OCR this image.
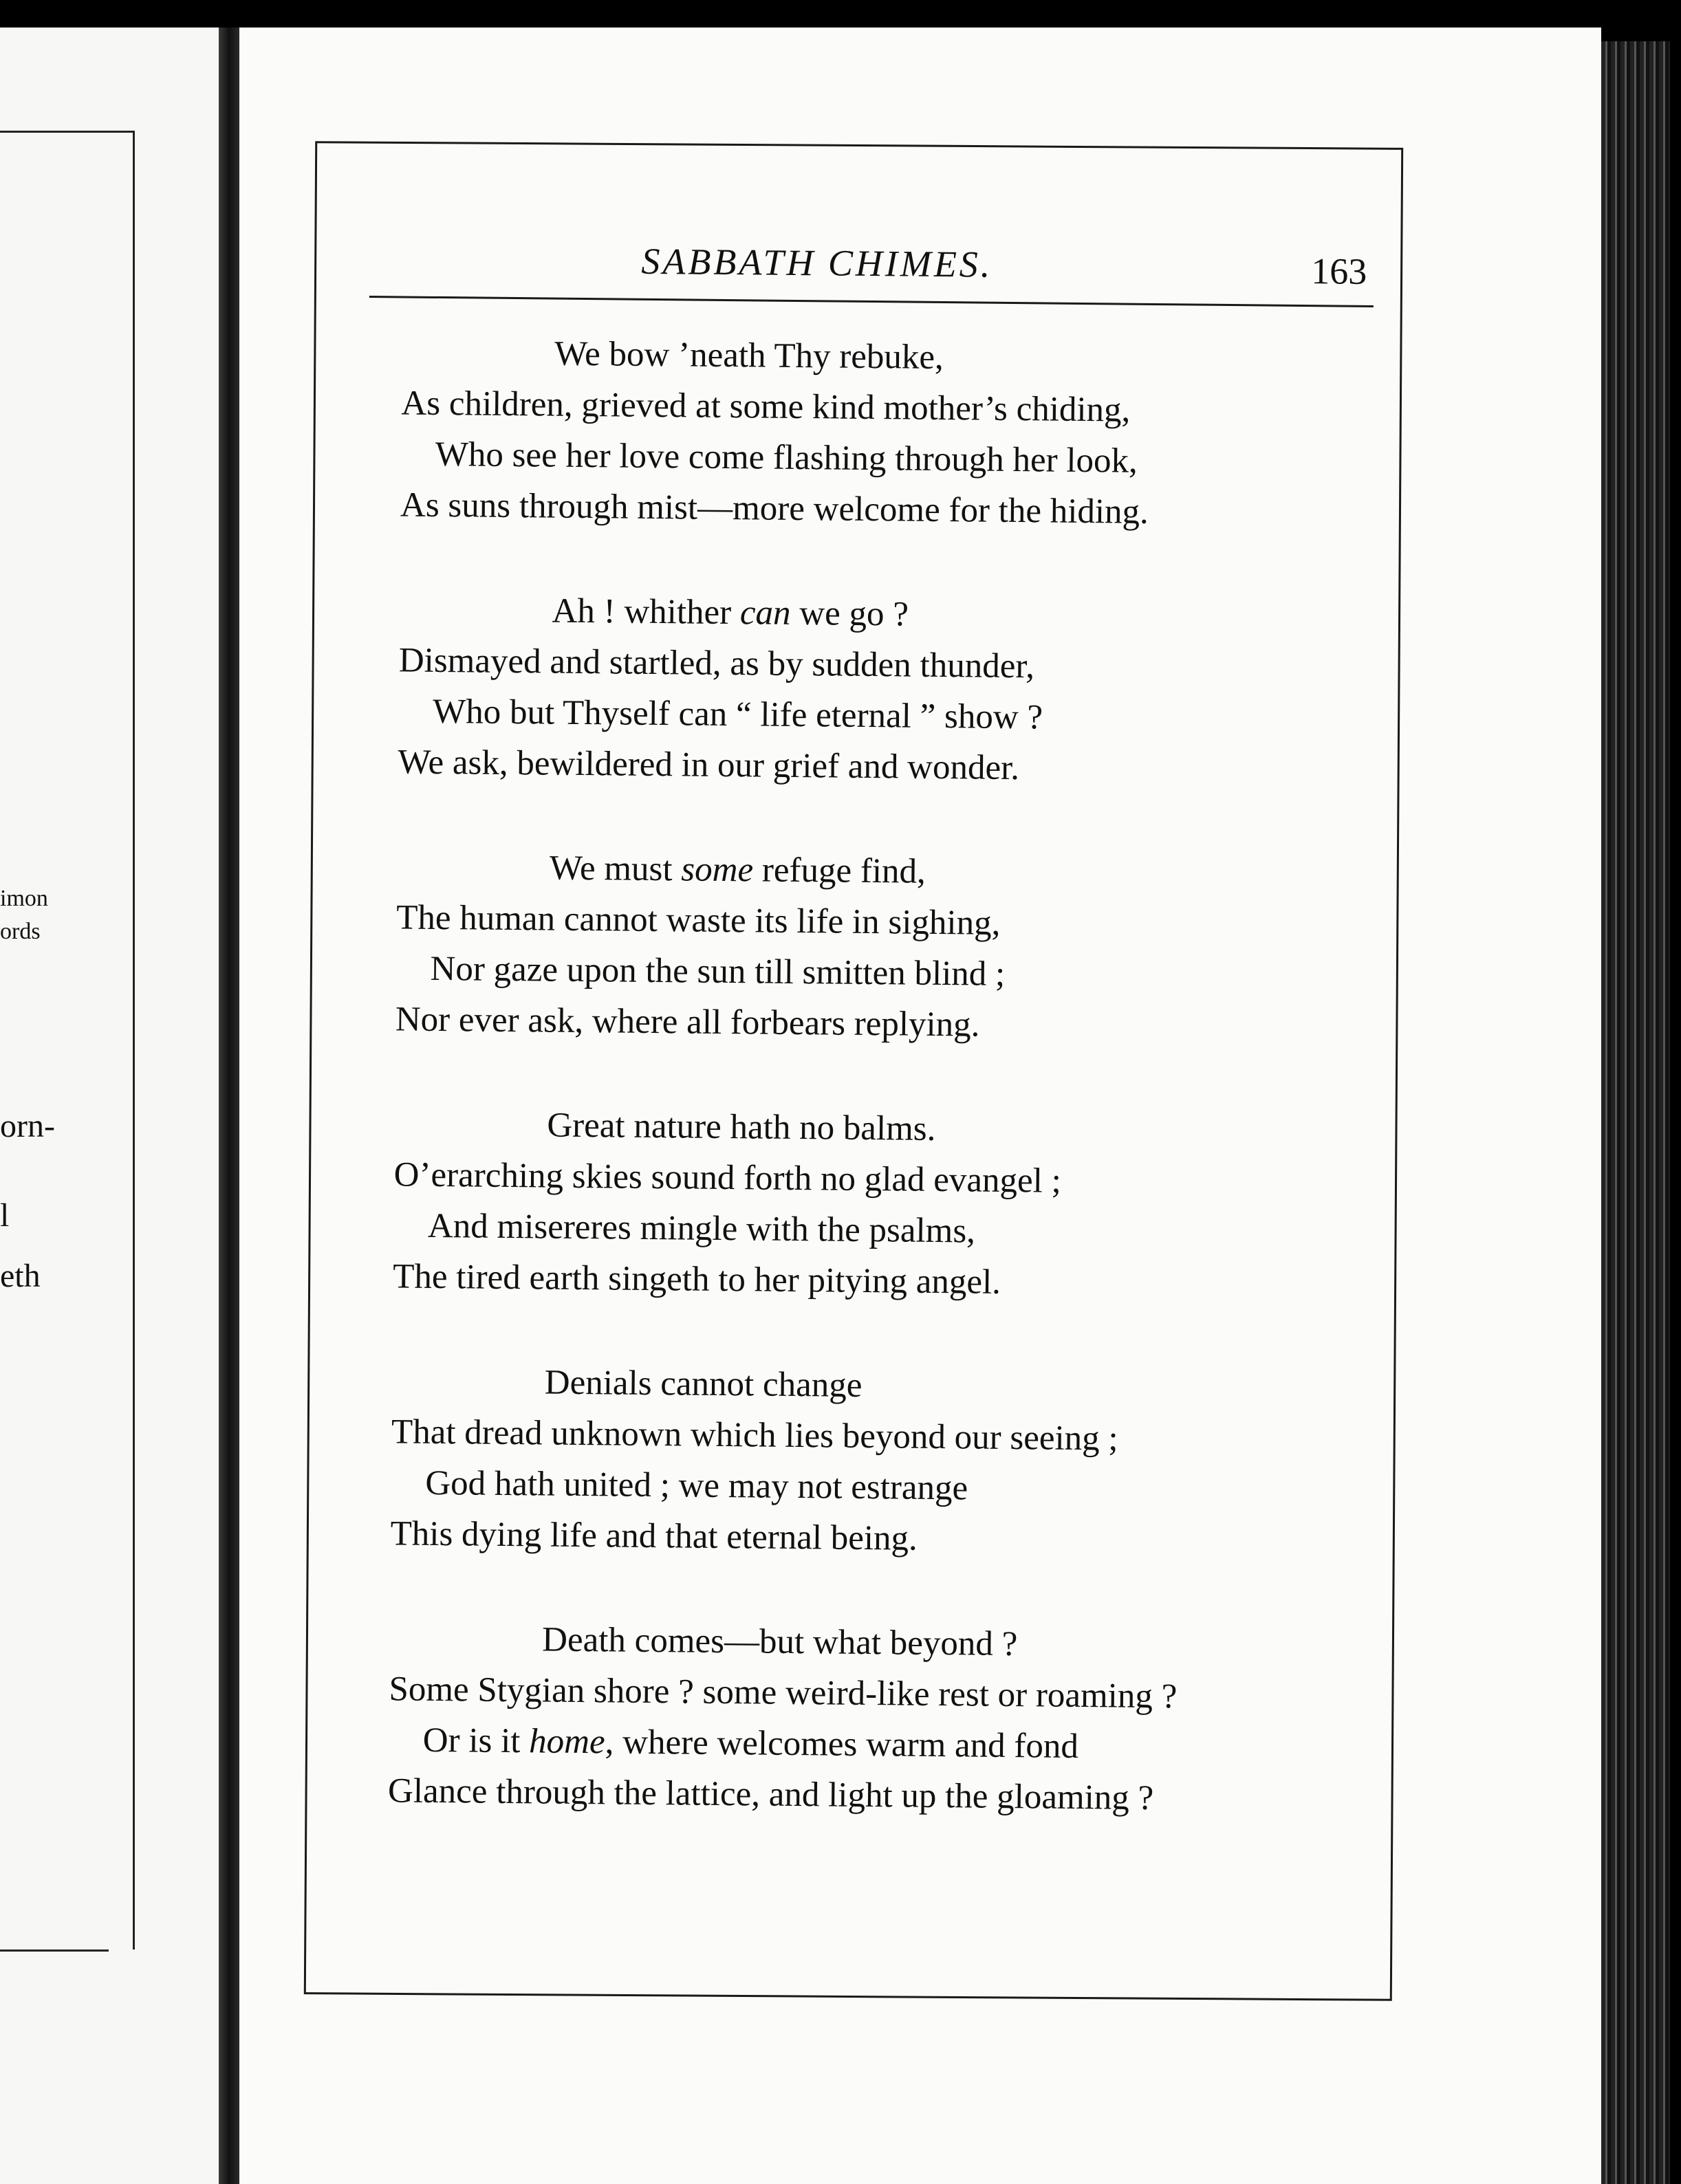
imon
ords
orn-
l
eth
SABBATH CHIMES.	163
We bow ’neath Thy rebuke,
As children, grieved at some kind mother’s chiding,
Who see her love come flashing through her look,
As suns through mist—more welcome for the hiding.
Ah ! whither can we go ?
Dismayed and startled, as by sudden thunder,
Who but Thyself can “ life eternal ” show ?
We ask, bewildered in our grief and wonder.
We must some refuge find,
The human cannot waste its life in sighing,
Nor gaze upon the sun till smitten blind ;
Nor ever ask, where all forbears replying.
Great nature hath no balms.
O’erarching skies sound forth no glad evangel ;
And misereres mingle with the psalms,
The tired earth singeth to her pitying angel.
Denials cannot change
That dread unknown which lies beyond our seeing ;
God hath united ; we may not estrange
This dying life and that eternal being.
Death comes—but what beyond ?
Some Stygian shore ? some weird-like rest or roaming ?
Or is it home, where welcomes warm and fond
Glance through the lattice, and light up the gloaming ?
